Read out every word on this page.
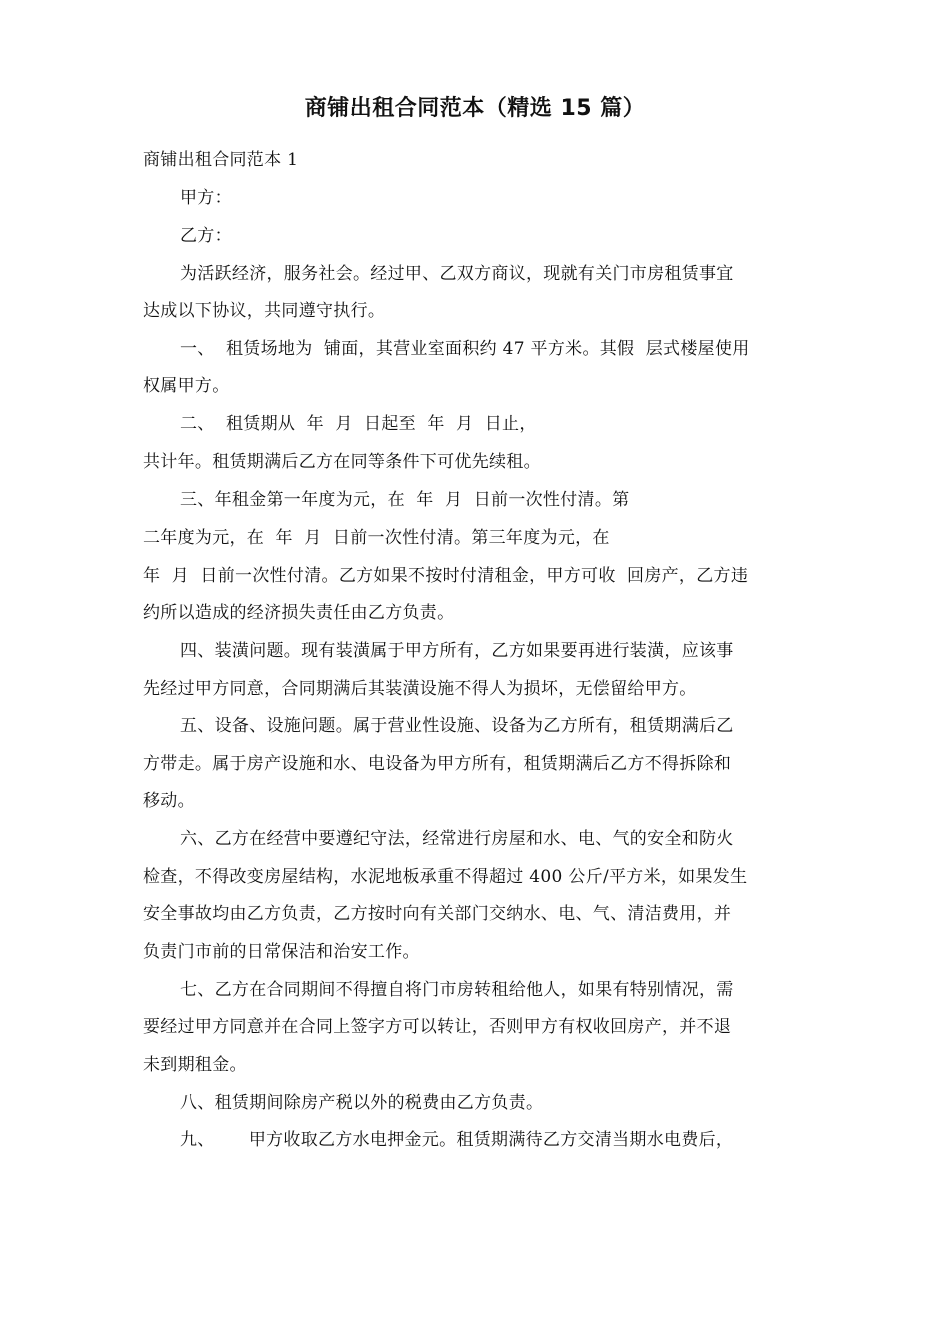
商铺出租合同范本（精选 15 篇）
商铺出租合同范本 1
甲方：
乙方：
为活跃经济，服务社会。经过甲、乙双方商议，现就有关门市房租赁事宜
达成以下协议，共同遵守执行。
一、  租赁场地为  铺面，其营业室面积约 47 平方米。其假  层式楼屋使用
权属甲方。
二、  租赁期从  年  月  日起至  年  月  日止，
共计年。租赁期满后乙方在同等条件下可优先续租。
三、年租金第一年度为元，在  年  月  日前一次性付清。第
二年度为元，在  年  月  日前一次性付清。第三年度为元，在
年  月  日前一次性付清。乙方如果不按时付清租金，甲方可收  回房产，乙方违
约所以造成的经济损失责任由乙方负责。
四、装潢问题。现有装潢属于甲方所有，乙方如果要再进行装潢，应该事
先经过甲方同意，合同期满后其装潢设施不得人为损坏，无偿留给甲方。
五、设备、设施问题。属于营业性设施、设备为乙方所有，租赁期满后乙
方带走。属于房产设施和水、电设备为甲方所有，租赁期满后乙方不得拆除和
移动。
六、乙方在经营中要遵纪守法，经常进行房屋和水、电、气的安全和防火
检查，不得改变房屋结构，水泥地板承重不得超过 400 公斤/平方米，如果发生
安全事故均由乙方负责，乙方按时向有关部门交纳水、电、气、清洁费用，并
负责门市前的日常保洁和治安工作。
七、乙方在合同期间不得擅自将门市房转租给他人，如果有特别情况，需
要经过甲方同意并在合同上签字方可以转让，否则甲方有权收回房产，并不退
未到期租金。
八、租赁期间除房产税以外的税费由乙方负责。
九、      甲方收取乙方水电押金元。租赁期满待乙方交清当期水电费后，
